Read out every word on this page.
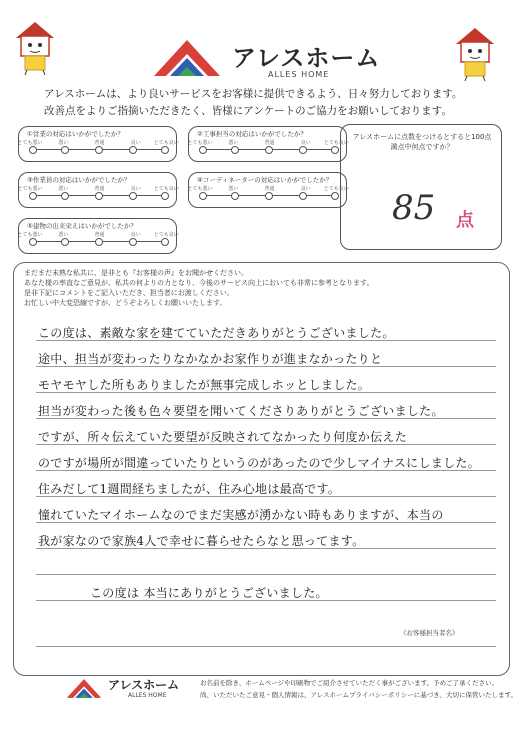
アレスホーム
ALLES HOME
アレスホームは、より良いサービスをお客様に提供できるよう、日々努力しております。
改善点をよりご指摘いただきたく、皆様にアンケートのご協力をお願いしております。
①営業の対応はいかがでしたか？
とても悪い	悪い	普通	良い	とても良い
②工事担当の対応はいかがでしたか？
とても悪い	悪い	普通	良い	とても良い
③作業員の対応はいかがでしたか？
とても悪い	悪い	普通	良い	とても良い
④コーディネーターの対応はいかがでしたか？
とても悪い	悪い	普通	良い	とても良い
⑤建物の出来栄えはいかがでしたか？
とても悪い	悪い	普通	良い	とても良い
アレスホームに点数をつけるとすると100点満点中何点ですか？
85 点
まだまだ未熟な私共に、是非とも『お客様の声』をお聞かせください。
あなた様の率直なご意見が、私共の何よりの力となり、今後のサービス向上においても非常に参考となります。
是非下記にコメントをご記入いただき、担当者にお渡しください。
お忙しい中大変恐縮ですが、どうぞよろしくお願いいたします。
この度は、素敵な家を建てていただきありがとうございました。
途中、担当が変わったりなかなかお家作りが進まなかったりと
モヤモヤした所もありましたが無事完成しホッとしました。
担当が変わった後も色々要望を聞いてくださりありがとうございました。
ですが、所々伝えていた要望が反映されてなかったり何度か伝えた
のですが場所が間違っていたりというのがあったので少しマイナスにしました。
住みだして1週間経ちましたが、住み心地は最高です。
憧れていたマイホームなのでまだ実感が湧かない時もありますが、本当の
我が家なので家族4人で幸せに暮らせたらなと思ってます。
この度は 本当にありがとうございました。
《お客様担当者名》
アレスホーム
ALLES HOME
お名前を除き、ホームページや印刷物でご紹介させていただく事がございます。予めご了承ください。
尚、いただいたご意見・個人情報は、アレスホームプライバシーポリシーに基づき、大切に保管いたします。
